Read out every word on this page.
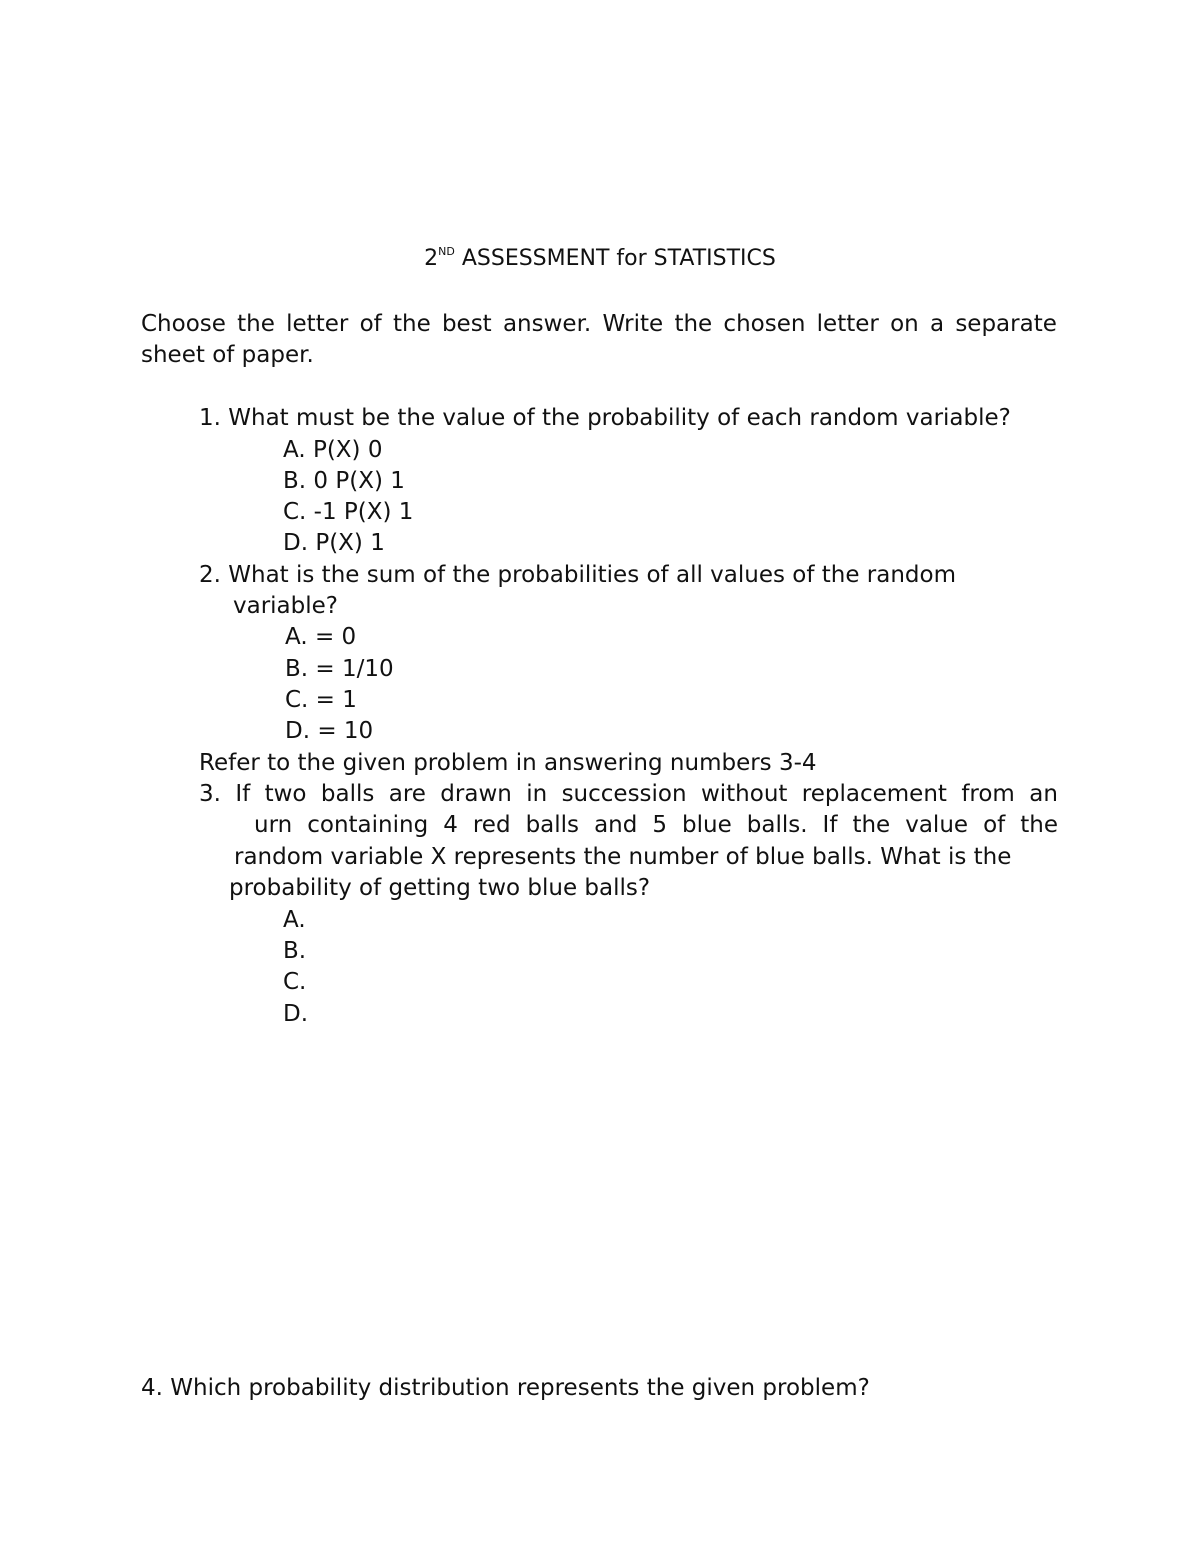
2ND ASSESSMENT for STATISTICS
Choose the letter of the best answer. Write the chosen letter on a separate
sheet of paper.
1. What must be the value of the probability of each random variable?
A. P(X) 0
B. 0 P(X) 1
C. -1 P(X) 1
D. P(X) 1
2. What is the sum of the probabilities of all values of the random
variable?
A. = 0
B. = 1/10
C. = 1
D. = 10
Refer to the given problem in answering numbers 3-4
3. If two balls are drawn in succession without replacement from an
urn containing 4 red balls and 5 blue balls. If the value of the
random variable X represents the number of blue balls. What is the
probability of getting two blue balls?
A.
B.
C.
D.
4. Which probability distribution represents the given problem?
